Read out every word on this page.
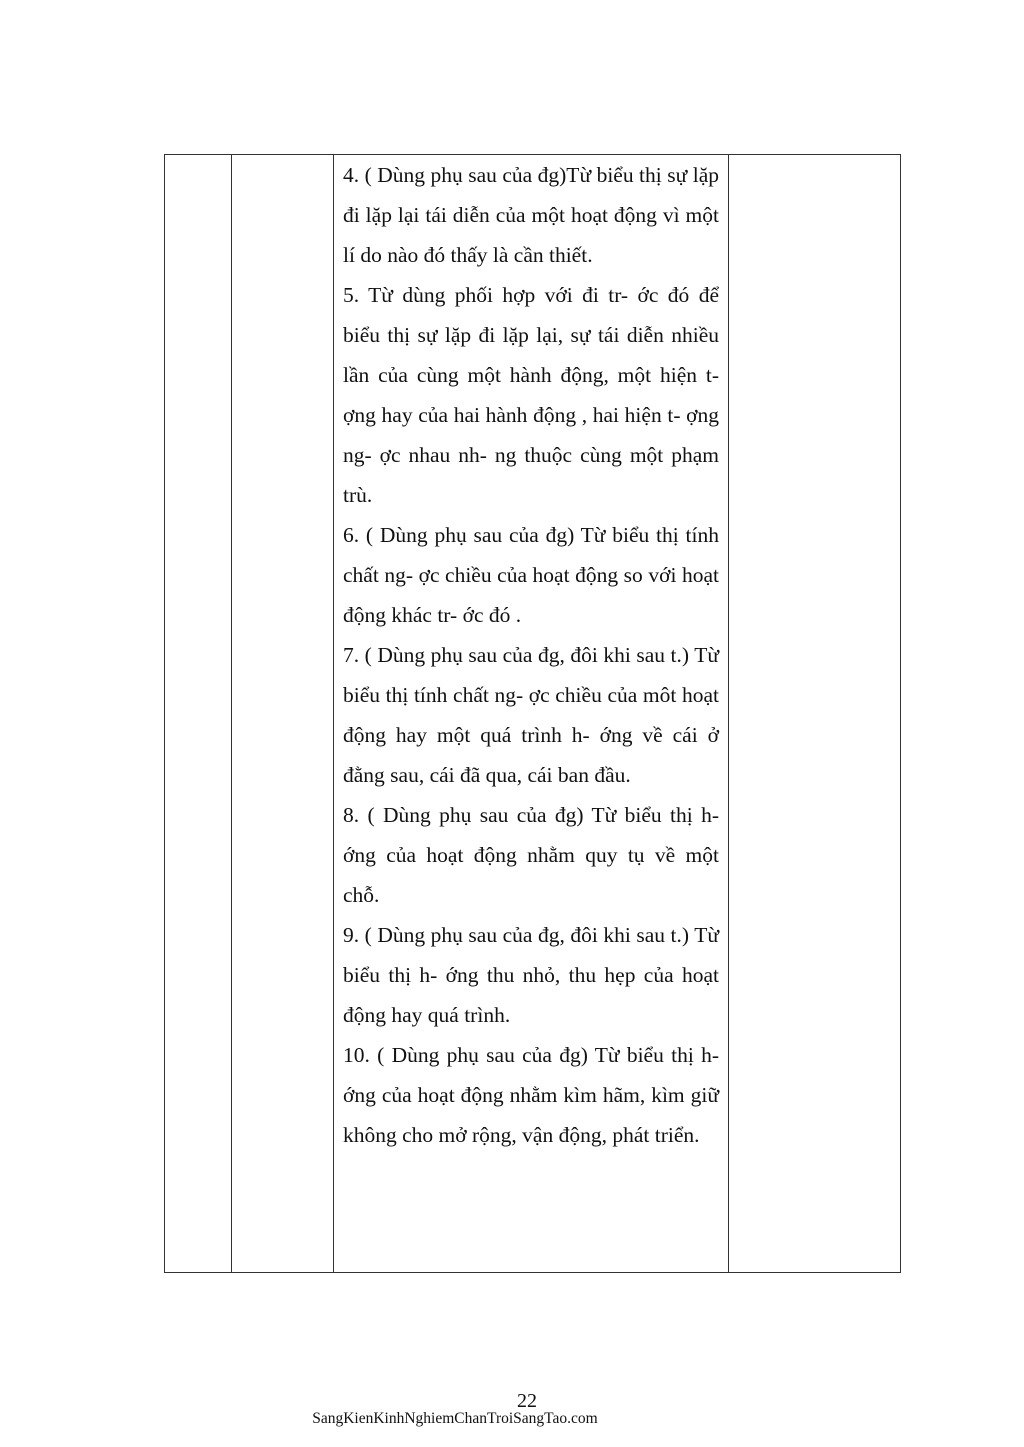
4. ( Dùng phụ sau của đg)Từ biểu thị sự lặp đi lặp lại tái diễn của một hoạt động vì một lí do nào đó thấy là cần thiết.

5. Từ dùng phối hợp với đi tr- ớc đó để biểu thị sự lặp đi lặp lại, sự tái diễn nhiều lần của cùng một hành động, một hiện t- ợng hay của hai hành động , hai hiện t- ợng ng- ợc nhau nh- ng thuộc cùng một phạm trù.

6. ( Dùng phụ sau của đg) Từ biểu thị tính chất ng- ợc chiều của hoạt động so với hoạt động khác tr- ớc đó .

7. ( Dùng phụ sau của đg, đôi khi sau t.) Từ biểu thị tính chất ng- ợc chiều của môt hoạt động hay một quá trình h- ớng về cái ở đằng sau, cái đã qua, cái ban đầu.

8. ( Dùng phụ sau của đg) Từ biểu thị h- ớng của hoạt động nhằm quy tụ về một chỗ.

9. ( Dùng phụ sau của đg, đôi khi sau t.) Từ biểu thị h- ớng thu nhỏ, thu hẹp của hoạt động hay quá trình.

10. ( Dùng phụ sau của đg) Từ biểu thị h- ớng của hoạt động nhằm kìm hãm, kìm giữ không cho mở rộng, vận động, phát triển.

22
SangKienKinhNghiemChanTroiSangTao.com
